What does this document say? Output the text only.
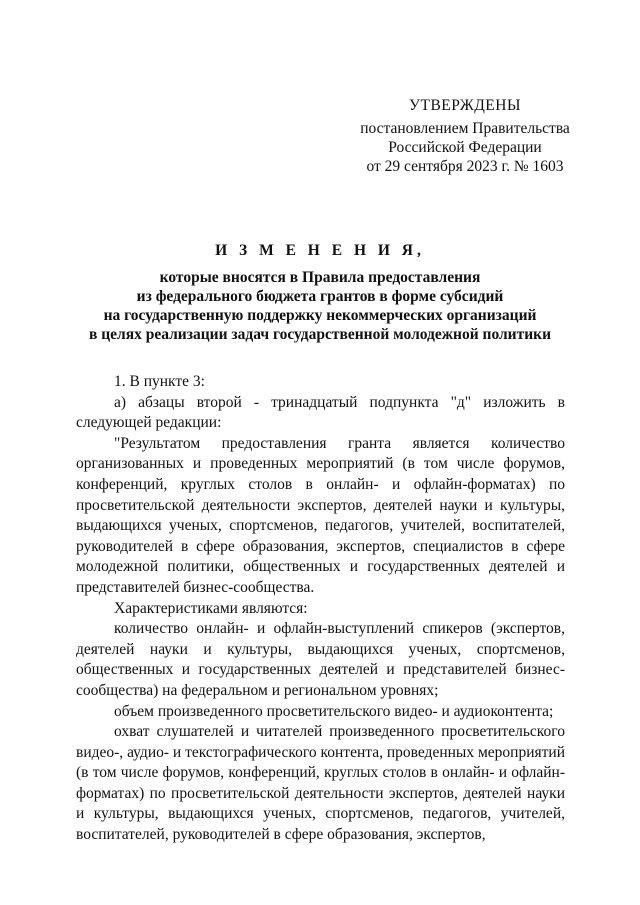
УТВЕРЖДЕНЫ
постановлением Правительства
Российской Федерации
от 29 сентября 2023 г. № 1603
И З М Е Н Е Н И Я,
которые вносятся в Правила предоставления
из федерального бюджета грантов в форме субсидий
на государственную поддержку некоммерческих организаций
в целях реализации задач государственной молодежной политики

1. В пункте 3:

а) абзацы второй - тринадцатый подпункта "д" изложить в следующей редакции:

"Результатом предоставления гранта является количество организованных и проведенных мероприятий (в том числе форумов, конференций, круглых столов в онлайн- и офлайн-форматах) по просветительской деятельности экспертов, деятелей науки и культуры, выдающихся ученых, спортсменов, педагогов, учителей, воспитателей, руководителей в сфере образования, экспертов, специалистов в сфере молодежной политики, общественных и государственных деятелей и представителей бизнес-сообщества.

Характеристиками являются:

количество онлайн- и офлайн-выступлений спикеров (экспертов, деятелей науки и культуры, выдающихся ученых, спортсменов, общественных и государственных деятелей и представителей бизнес-сообщества) на федеральном и региональном уровнях;

объем произведенного просветительского видео- и аудиоконтента;

охват слушателей и читателей произведенного просветительского видео-, аудио- и текстографического контента, проведенных мероприятий (в том числе форумов, конференций, круглых столов в онлайн- и офлайн-форматах) по просветительской деятельности экспертов, деятелей науки и культуры, выдающихся ученых, спортсменов, педагогов, учителей, воспитателей, руководителей в сфере образования, экспертов,
